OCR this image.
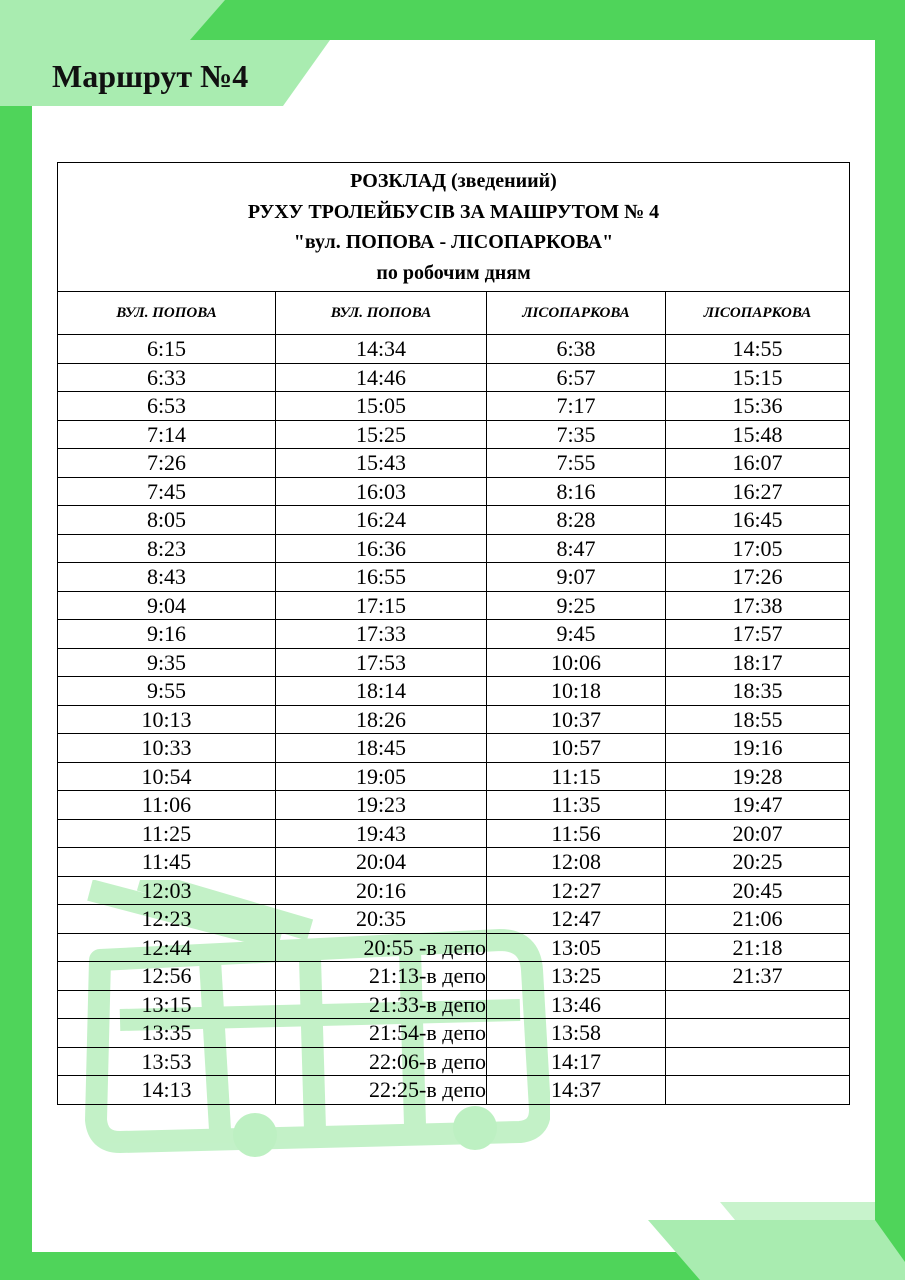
Маршрут №4
РОЗКЛАД (зведениий)
РУХУ ТРОЛЕЙБУСІВ ЗА МАШРУТОМ № 4
"вул. ПОПОВА - ЛІСОПАРКОВА"
по робочим дням			

ВУЛ. ПОПОВА	ВУЛ. ПОПОВА	ЛІСОПАРКОВА	ЛІСОПАРКОВА
6:15	14:34	6:38	14:55
6:33	14:46	6:57	15:15
6:53	15:05	7:17	15:36
7:14	15:25	7:35	15:48
7:26	15:43	7:55	16:07
7:45	16:03	8:16	16:27
8:05	16:24	8:28	16:45
8:23	16:36	8:47	17:05
8:43	16:55	9:07	17:26
9:04	17:15	9:25	17:38
9:16	17:33	9:45	17:57
9:35	17:53	10:06	18:17
9:55	18:14	10:18	18:35
10:13	18:26	10:37	18:55
10:33	18:45	10:57	19:16
10:54	19:05	11:15	19:28
11:06	19:23	11:35	19:47
11:25	19:43	11:56	20:07
11:45	20:04	12:08	20:25
12:03	20:16	12:27	20:45
12:23	20:35	12:47	21:06
12:44	20:55 -в депо	13:05	21:18
12:56	21:13-в депо	13:25	21:37
13:15	21:33-в депо	13:46	
13:35	21:54-в депо	13:58	
13:53	22:06-в депо	14:17	
14:13	22:25-в депо	14:37	
